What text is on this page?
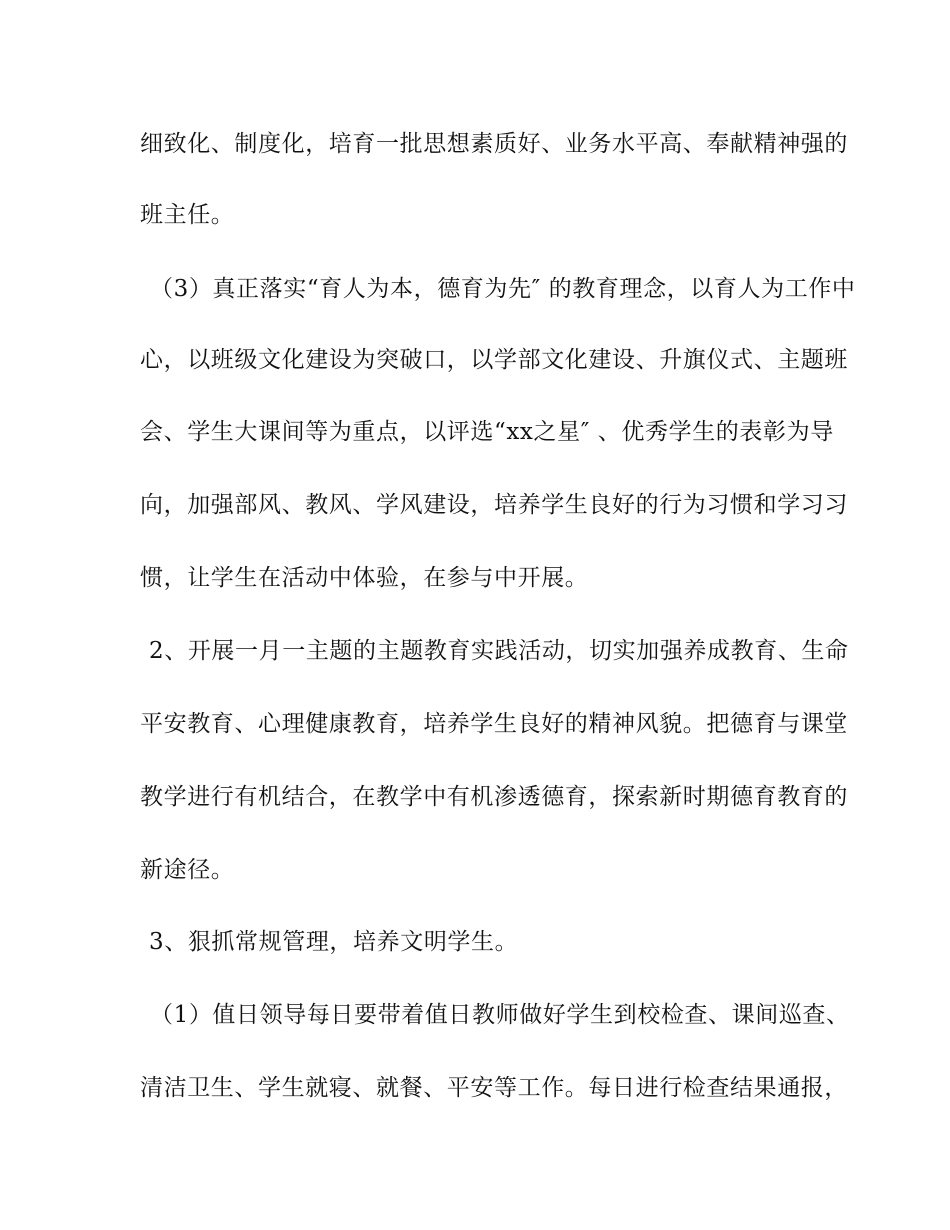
细致化、制度化，培育一批思想素质好、业务水平高、奉献精神强的

班主任。

（3）真正落实“育人为本，德育为先″ 的教育理念，以育人为工作中

心，以班级文化建设为突破口，以学部文化建设、升旗仪式、主题班

会、学生大课间等为重点，以评选“xx之星″ 、优秀学生的表彰为导

向，加强部风、教风、学风建设，培养学生良好的行为习惯和学习习

惯，让学生在活动中体验，在参与中开展。

2、开展一月一主题的主题教育实践活动，切实加强养成教育、生命

平安教育、心理健康教育，培养学生良好的精神风貌。把德育与课堂

教学进行有机结合，在教学中有机渗透德育，探索新时期德育教育的

新途径。

3、狠抓常规管理，培养文明学生。

（1）值日领导每日要带着值日教师做好学生到校检查、课间巡查、

清洁卫生、学生就寝、就餐、平安等工作。每日进行检查结果通报，
